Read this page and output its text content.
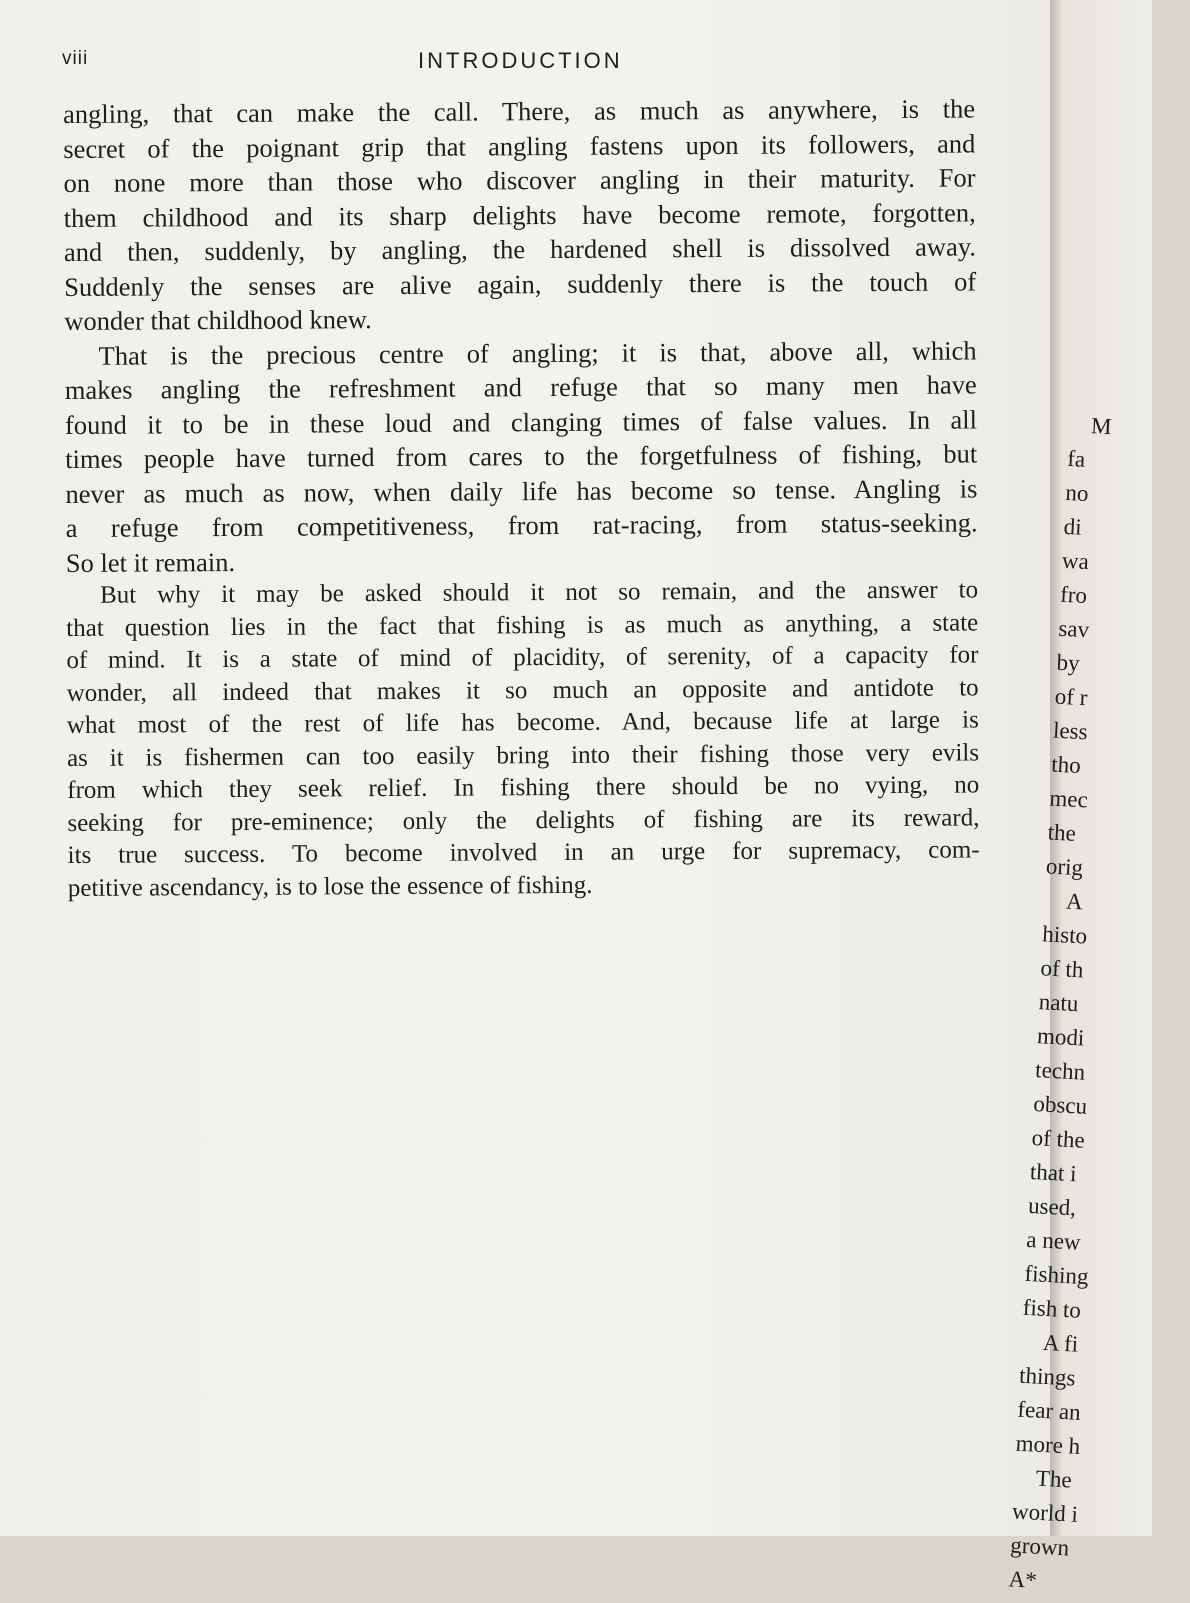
viii	INTRODUCTION
angling, that can make the call. There, as much as anywhere, is the
secret of the poignant grip that angling fastens upon its followers, and
on none more than those who discover angling in their maturity. For
them childhood and its sharp delights have become remote, forgotten,
and then, suddenly, by angling, the hardened shell is dissolved away.
Suddenly the senses are alive again, suddenly there is the touch of
wonder that childhood knew.
That is the precious centre of angling; it is that, above all, which
makes angling the refreshment and refuge that so many men have
found it to be in these loud and clanging times of false values. In all
times people have turned from cares to the forgetfulness of fishing, but
never as much as now, when daily life has become so tense. Angling is
a refuge from competitiveness, from rat-racing, from status-seeking.
So let it remain.
But why it may be asked should it not so remain, and the answer to
that question lies in the fact that fishing is as much as anything, a state
of mind. It is a state of mind of placidity, of serenity, of a capacity for
wonder, all indeed that makes it so much an opposite and antidote to
what most of the rest of life has become. And, because life at large is
as it is fishermen can too easily bring into their fishing those very evils
from which they seek relief. In fishing there should be no vying, no
seeking for pre-eminence; only the delights of fishing are its reward,
its true success. To become involved in an urge for supremacy, com-
petitive ascendancy, is to lose the essence of fishing.
M
fa
no
di
wa
fro
sav
by
of r
less
tho
mec
the
orig
A
histo
of th
natu
modi
techn
obscu
of the
that i
used,
a new
fishing
fish to
A fi
things
fear an
more h
The
world i
grown
A*
